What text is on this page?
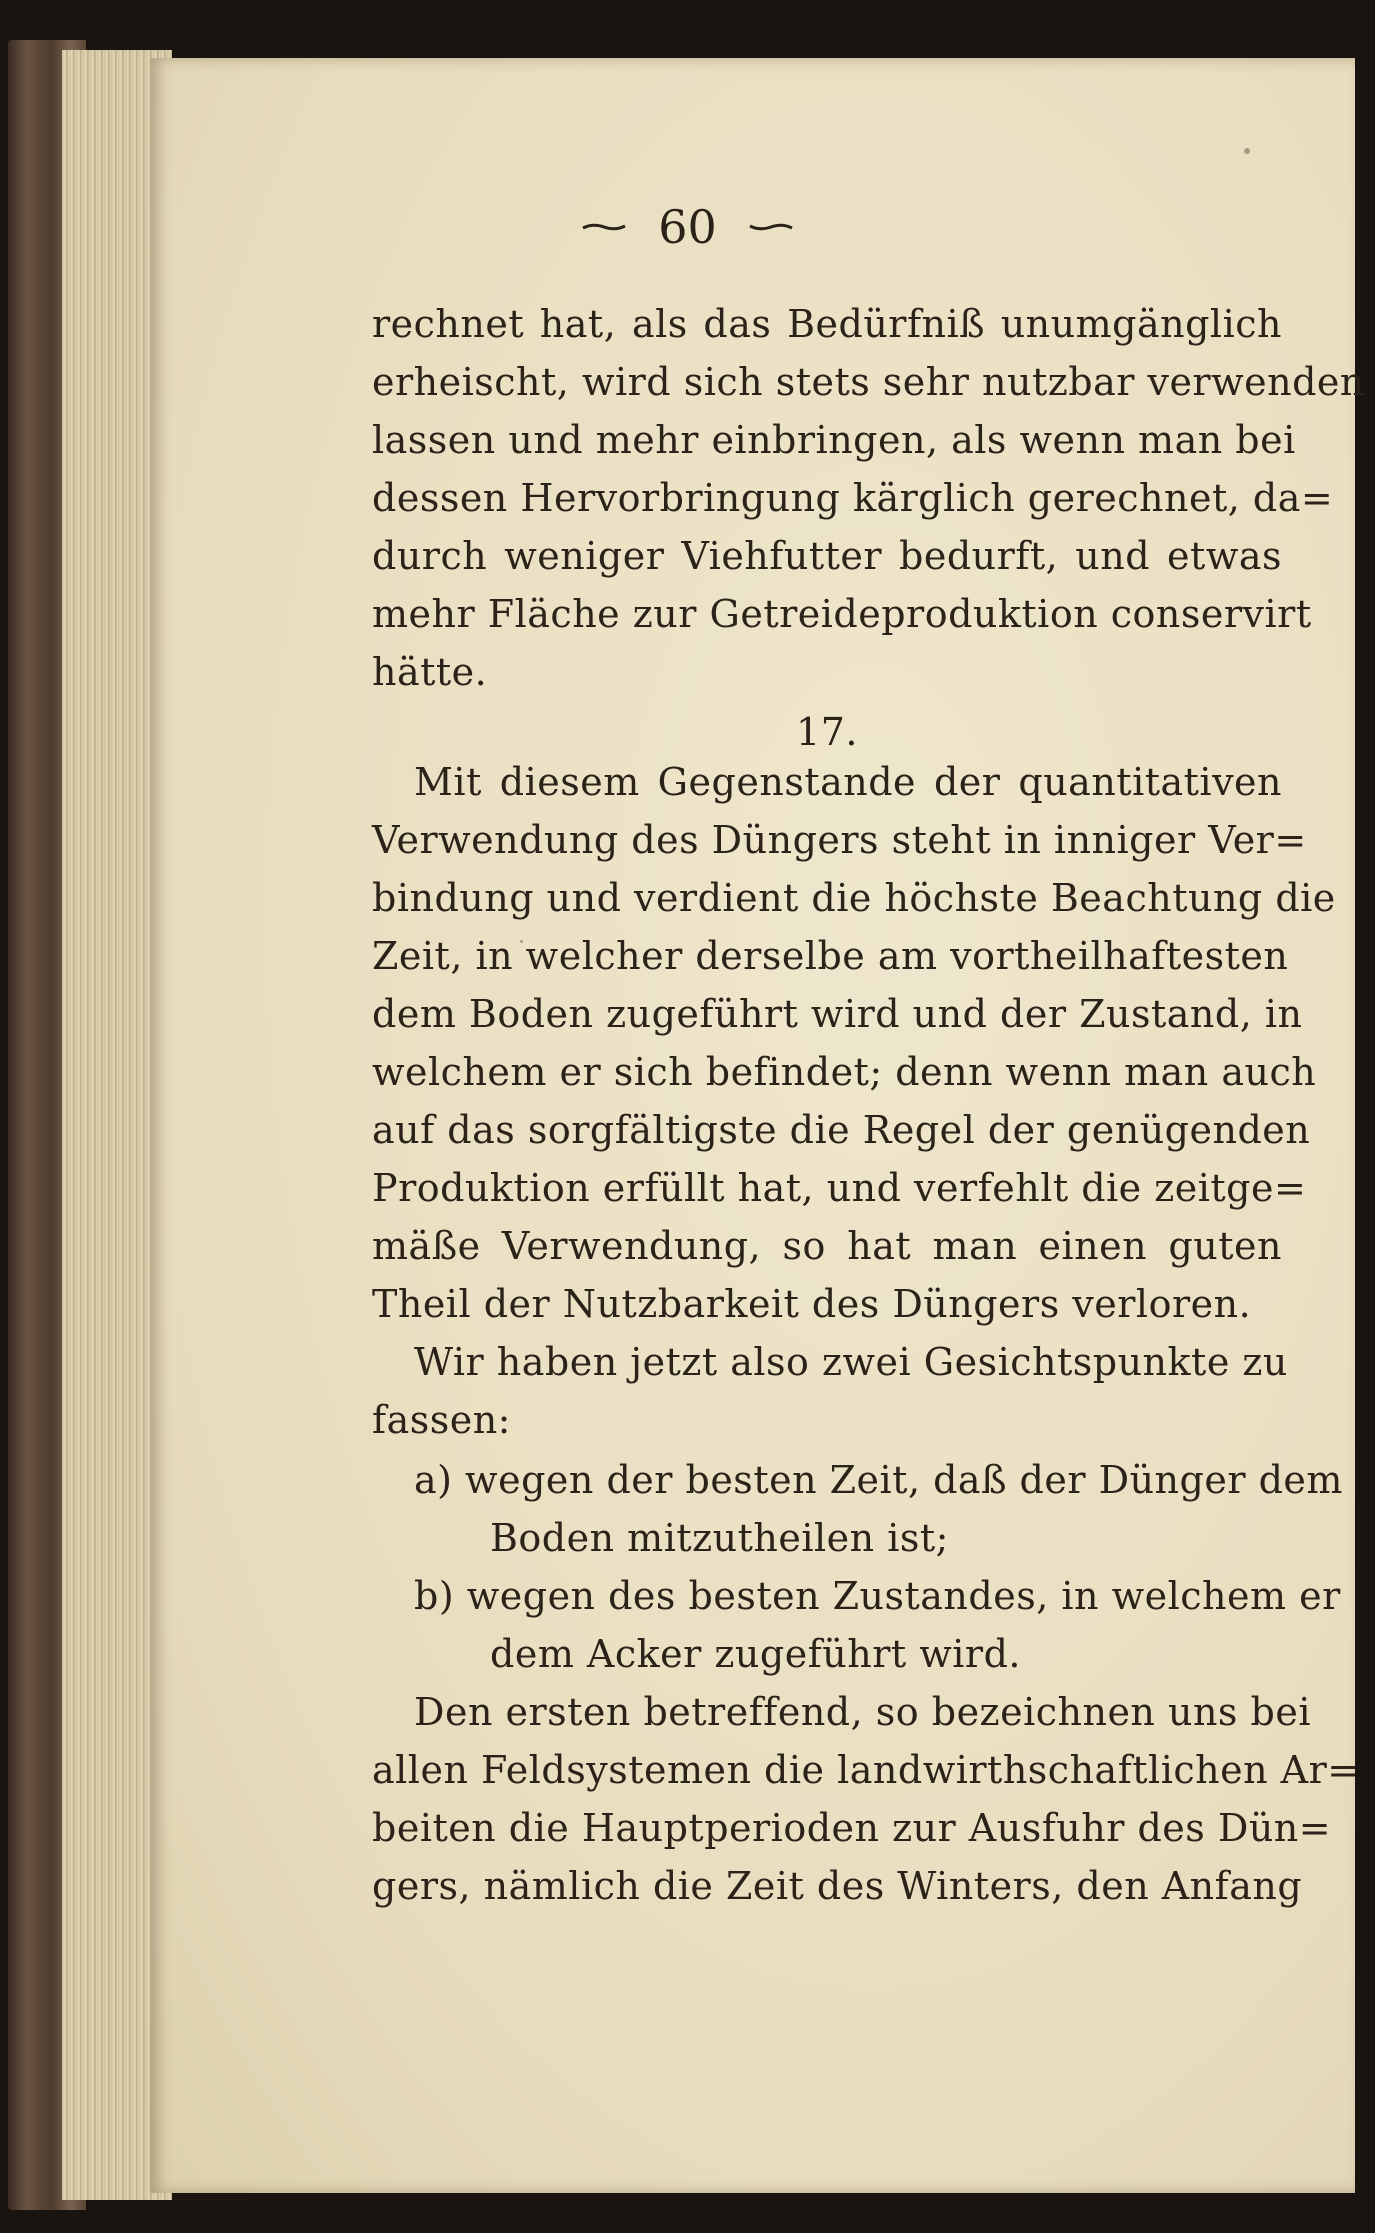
60
rechnet hat, als das Bedürfniß unumgänglich
erheischt, wird sich stets sehr nutzbar verwenden
lassen und mehr einbringen, als wenn man bei
dessen Hervorbringung kärglich gerechnet, da=
durch weniger Viehfutter bedurft, und etwas
mehr Fläche zur Getreideproduktion conservirt
hätte.
17.
Mit diesem Gegenstande der quantitativen
Verwendung des Düngers steht in inniger Ver=
bindung und verdient die höchste Beachtung die
Zeit, in welcher derselbe am vortheilhaftesten
dem Boden zugeführt wird und der Zustand, in
welchem er sich befindet; denn wenn man auch
auf das sorgfältigste die Regel der genügenden
Produktion erfüllt hat, und verfehlt die zeitge=
mäße Verwendung, so hat man einen guten
Theil der Nutzbarkeit des Düngers verloren.
Wir haben jetzt also zwei Gesichtspunkte zu
fassen:
a) wegen der besten Zeit, daß der Dünger dem
Boden mitzutheilen ist;
b) wegen des besten Zustandes, in welchem er
dem Acker zugeführt wird.
Den ersten betreffend, so bezeichnen uns bei
allen Feldsystemen die landwirthschaftlichen Ar=
beiten die Hauptperioden zur Ausfuhr des Dün=
gers, nämlich die Zeit des Winters, den Anfang
